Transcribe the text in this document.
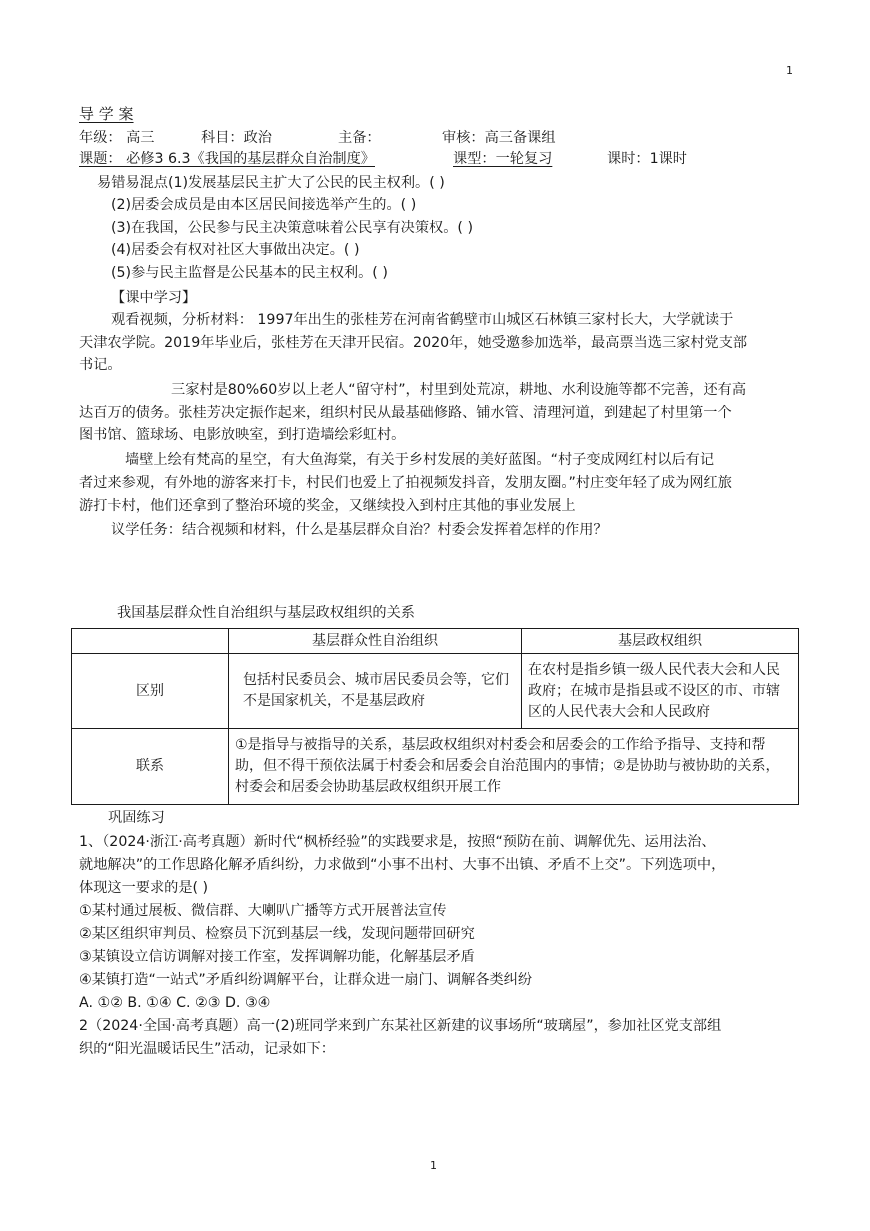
1
导 学 案
年级： 高三	科目：政治	主备：	审核：高三备课组
课题： 必修3 6.3《我国的基层群众自治制度》	课型：一轮复习	课时：1课时
易错易混点(1)发展基层民主扩大了公民的民主权利。( )
(2)居委会成员是由本区居民间接选举产生的。( )
(3)在我国，公民参与民主决策意味着公民享有决策权。( )
(4)居委会有权对社区大事做出决定。( )
(5)参与民主监督是公民基本的民主权利。( )
【课中学习】
观看视频，分析材料： 1997年出生的张桂芳在河南省鹤壁市山城区石林镇三家村长大，大学就读于
天津农学院。2019年毕业后，张桂芳在天津开民宿。2020年，她受邀参加选举，最高票当选三家村党支部
书记。
三家村是80%60岁以上老人“留守村”，村里到处荒凉，耕地、水利设施等都不完善，还有高
达百万的债务。张桂芳决定振作起来，组织村民从最基础修路、铺水管、清理河道，到建起了村里第一个
图书馆、篮球场、电影放映室，到打造墙绘彩虹村。
墙壁上绘有梵高的星空，有大鱼海棠，有关于乡村发展的美好蓝图。“村子变成网红村以后有记
者过来参观，有外地的游客来打卡，村民们也爱上了拍视频发抖音，发朋友圈。”村庄变年轻了成为网红旅
游打卡村，他们还拿到了整治环境的奖金，又继续投入到村庄其他的事业发展上
议学任务：结合视频和材料，什么是基层群众自治？村委会发挥着怎样的作用？
我国基层群众性自治组织与基层政权组织的关系
	基层群众性自治组织	基层政权组织
区别	包括村民委员会、城市居民委员会等，它们不是国家机关，不是基层政府	在农村是指乡镇一级人民代表大会和人民政府；在城市是指县或不设区的市、市辖区的人民代表大会和人民政府
联系	①是指导与被指导的关系，基层政权组织对村委会和居委会的工作给予指导、支持和帮助，但不得干预依法属于村委会和居委会自治范围内的事情；②是协助与被协助的关系，村委会和居委会协助基层政权组织开展工作	
巩固练习
1、（2024·浙江·高考真题）新时代“枫桥经验”的实践要求是，按照“预防在前、调解优先、运用法治、
就地解决”的工作思路化解矛盾纠纷，力求做到“小事不出村、大事不出镇、矛盾不上交”。下列选项中，
体现这一要求的是( )
①某村通过展板、微信群、大喇叭广播等方式开展普法宣传
②某区组织审判员、检察员下沉到基层一线，发现问题带回研究
③某镇设立信访调解对接工作室，发挥调解功能，化解基层矛盾
④某镇打造“一站式”矛盾纠纷调解平台，让群众进一扇门、调解各类纠纷
A. ①② B. ①④ C. ②③ D. ③④
2（2024·全国·高考真题）高一(2)班同学来到广东某社区新建的议事场所“玻璃屋”，参加社区党支部组
织的“阳光温暖话民生”活动，记录如下：
1
